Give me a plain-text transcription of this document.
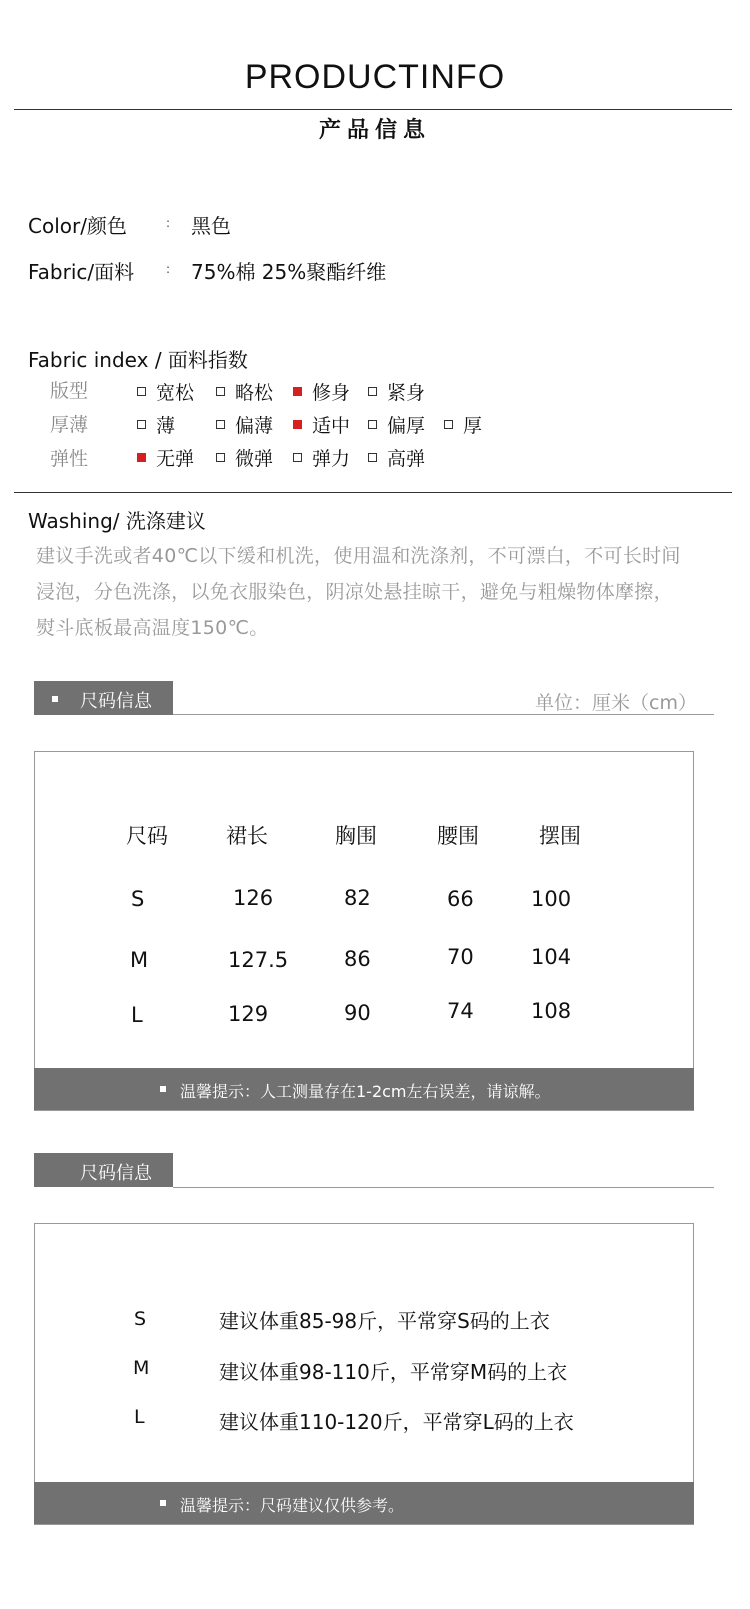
PRODUCTINFO
产品信息
Color/颜色	: 黑色
Fabric/面料	: 75%棉 25%聚酯纤维
Fabric index / 面料指数
版型	宽松	略松	修身	紧身
厚薄	薄	偏薄	适中	偏厚	厚
弹性	无弹	微弹	弹力	高弹
Washing/ 洗涤建议
建议手洗或者40℃以下缓和机洗，使用温和洗涤剂，不可漂白，不可长时间
浸泡，分色洗涤，以免衣服染色，阴凉处悬挂晾干，避免与粗燥物体摩擦，
熨斗底板最高温度150℃。
尺码信息	单位：厘米（cm）
尺码	裙长	胸围	腰围	摆围
S	126	82	66	100
M	127.5	86	70	104
L	129	90	74	108
温馨提示：人工测量存在1-2cm左右误差，请谅解。
尺码信息
S	建议体重85-98斤，平常穿S码的上衣
M	建议体重98-110斤，平常穿M码的上衣
L	建议体重110-120斤，平常穿L码的上衣
温馨提示：尺码建议仅供参考。
